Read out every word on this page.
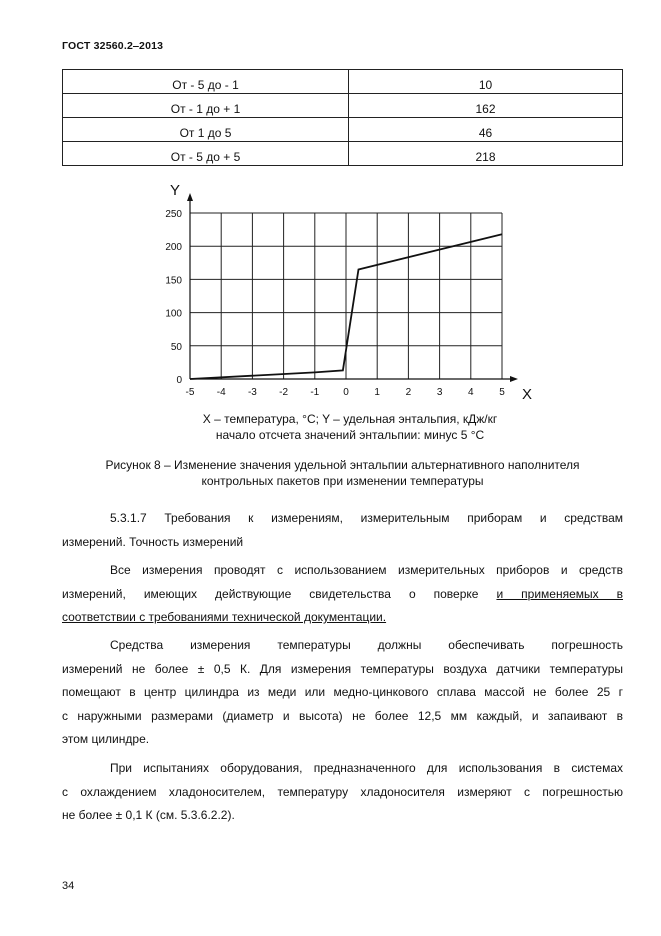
ГОСТ 32560.2‒2013
От - 5 до - 1	10
От - 1 до + 1	162
От 1 до 5	46
От - 5 до + 5	218
-5 -4 -3 -2 -1 0	1	2	3	4	5
0
50
100
150
200
250
X
Y
X – температура, °C; Y – удельная энтальпия, кДж/кг
начало отсчета значений энтальпии: минус 5 °С
Рисунок 8 – Изменение значения удельной энтальпии альтернативного наполнителя
контрольных пакетов при изменении температуры
5.3.1.7 Требования к измерениям, измерительным приборам и средствам
измерений. Точность измерений
Все измерения проводят с использованием измерительных приборов и средств
измерений, имеющих действующие свидетельства о поверке и применяемых в
соответствии с требованиями технической документации.
Средства измерения температуры должны обеспечивать погрешность
измерений не более ± 0,5 К. Для измерения температуры воздуха датчики температуры
помещают в центр цилиндра из меди или медно-цинкового сплава массой не более 25 г
с наружными размерами (диаметр и высота) не более 12,5 мм каждый, и запаивают в
этом цилиндре.
При испытаниях оборудования, предназначенного для использования в системах
с охлаждением хладоносителем, температуру хладоносителя измеряют с погрешностью
не более ± 0,1 К (см. 5.3.6.2.2).
34
